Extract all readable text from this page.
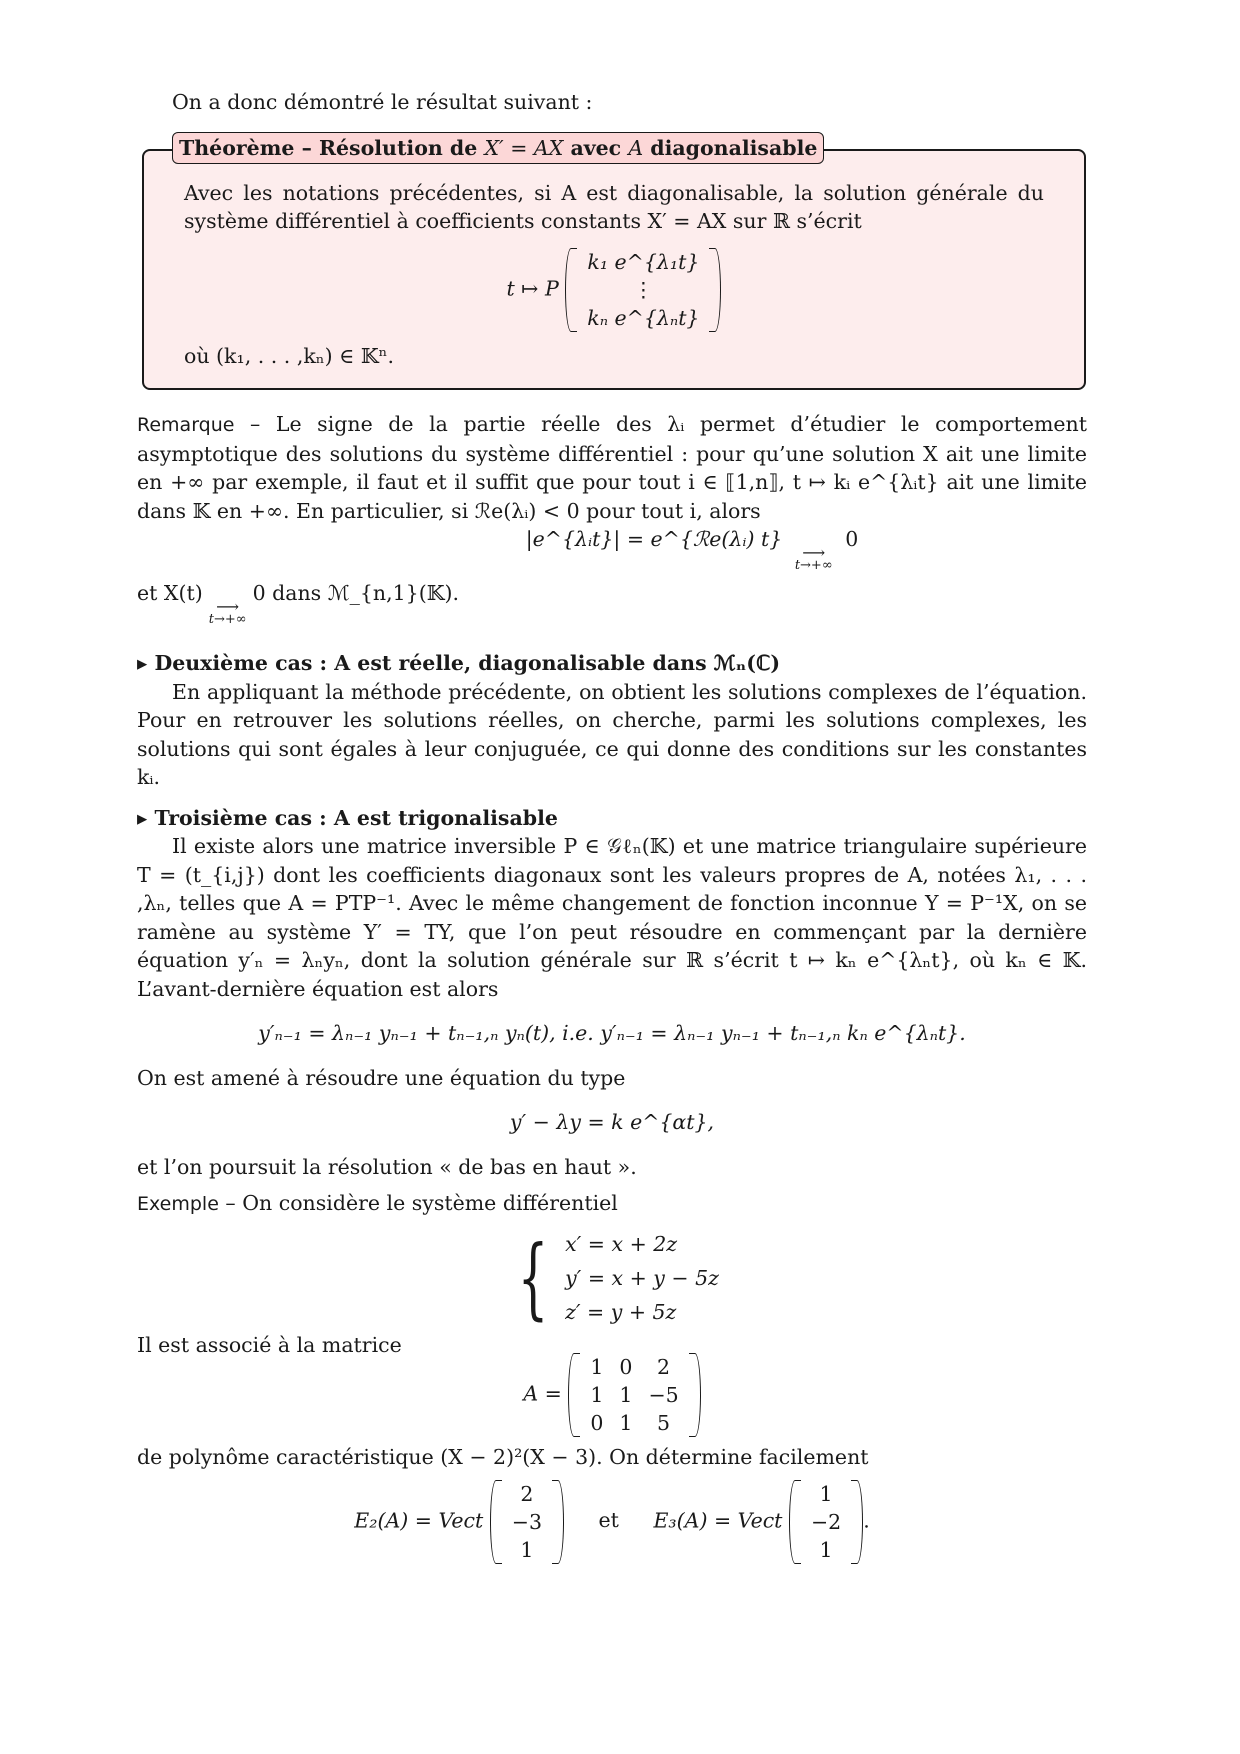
On a donc démontré le résultat suivant :

Théorème – Résolution de X′ = AX avec A diagonalisable

Avec les notations précédentes, si A est diagonalisable, la solution générale du système différentiel à coefficients constants X′ = AX sur ℝ s’écrit

t ↦ P
k₁ e^{λ₁t}
⋮
kₙ e^{λₙt}

où (k₁, . . . ,kₙ) ∈ 𝕂ⁿ.

Remarque – Le signe de la partie réelle des λᵢ permet d’étudier le comportement asymptotique des solutions du système différentiel : pour qu’une solution X ait une limite en +∞ par exemple, il faut et il suffit que pour tout i ∈ ⟦1,n⟧, t ↦ kᵢ e^{λᵢt} ait une limite dans 𝕂 en +∞. En particulier, si ℛe(λᵢ) < 0 pour tout i, alors

|e^{λᵢt}| = e^{ℛe(λᵢ) t}
⟶
t→+∞
0

et X(t)
⟶
t→+∞
0 dans ℳ_{n,1}(𝕂).

▸ Deuxième cas : A est réelle, diagonalisable dans ℳₙ(ℂ)

En appliquant la méthode précédente, on obtient les solutions complexes de l’équation. Pour en retrouver les solutions réelles, on cherche, parmi les solutions complexes, les solutions qui sont égales à leur conjuguée, ce qui donne des conditions sur les constantes kᵢ.

▸ Troisième cas : A est trigonalisable

Il existe alors une matrice inversible P ∈ 𝒢ℓₙ(𝕂) et une matrice triangulaire supérieure T = (t_{i,j}) dont les coefficients diagonaux sont les valeurs propres de A, notées λ₁, . . . ,λₙ, telles que A = PTP⁻¹. Avec le même changement de fonction inconnue Y = P⁻¹X, on se ramène au système Y′ = TY, que l’on peut résoudre en commençant par la dernière équation y′ₙ = λₙyₙ, dont la solution générale sur ℝ s’écrit t ↦ kₙ e^{λₙt}, où kₙ ∈ 𝕂. L’avant-dernière équation est alors

y′ₙ₋₁ = λₙ₋₁ yₙ₋₁ + tₙ₋₁,ₙ yₙ(t), i.e. y′ₙ₋₁ = λₙ₋₁ yₙ₋₁ + tₙ₋₁,ₙ kₙ e^{λₙt}.

On est amené à résoudre une équation du type

y′ − λy = k e^{αt},

et l’on poursuit la résolution « de bas en haut ».

Exemple – On considère le système différentiel

{ x′ = x + 2z
y′ = x + y − 5z
z′ = y + 5z

Il est associé à la matrice

A =
1	0	2
1	1	−5
0	1	5

de polynôme caractéristique (X − 2)²(X − 3). On détermine facilement

E₂(A) = Vect
2
−3
1
et E₃(A) = Vect
1
−2
1
.
